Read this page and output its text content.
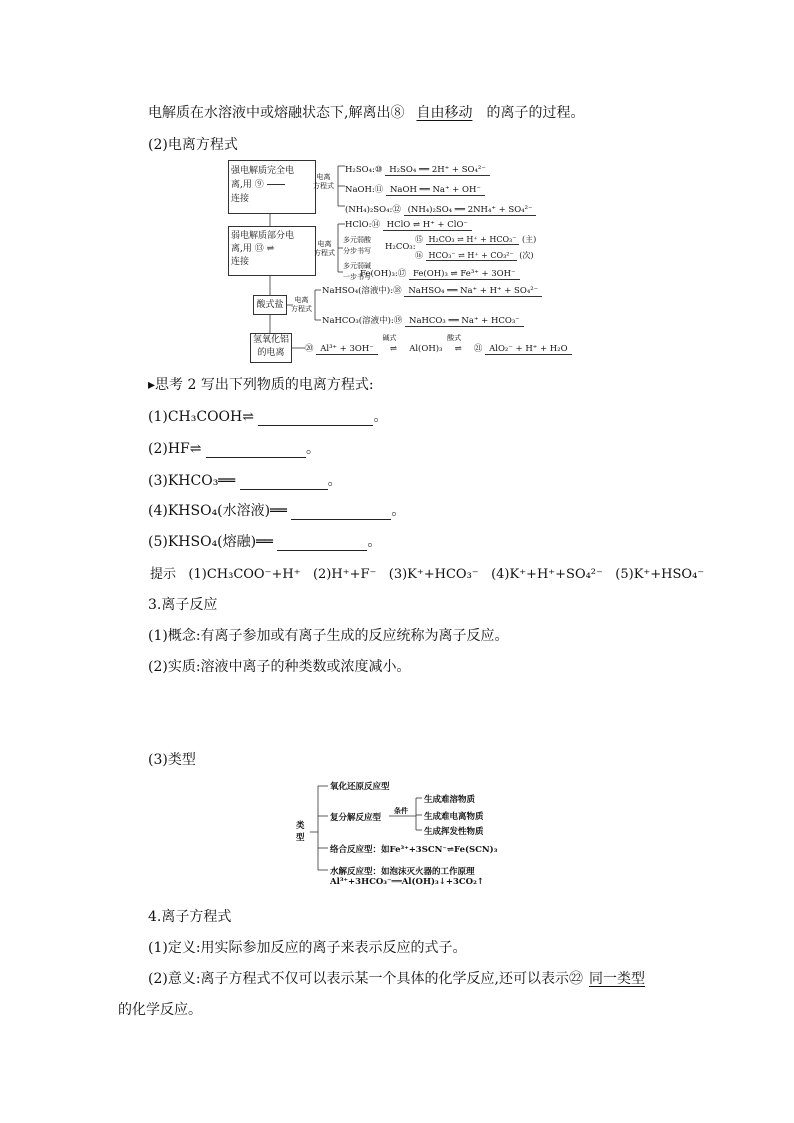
电解质在水溶液中或熔融状态下,解离出⑧ 自由移动 的离子的过程。
(2)电离方程式
强电解质完全电
离,用 ⑨
连接
电离
方程式
H₂SO₄:⑩ H₂SO₄ ══ 2H⁺ + SO₄²⁻
NaOH:⑪ NaOH ══ Na⁺ + OH⁻
(NH₄)₂SO₄:⑫ (NH₄)₂SO₄ ══ 2NH₄⁺ + SO₄²⁻
弱电解质部分电
离,用 ⑬ ⇌
连接
电离
方程式
HClO:⑭ HClO ⇌ H⁺ + ClO⁻
多元弱酸
分步书写 H₂CO₃:
⑮ H₂CO₃ ⇌ H⁺ + HCO₃⁻ (主)
⑯ HCO₃⁻ ⇌ H⁺ + CO₃²⁻ (次)
多元弱碱
一步书写
Fe(OH)₃:⑰ Fe(OH)₃ ⇌ Fe³⁺ + 3OH⁻
酸式盐	电离
方程式
NaHSO₄(溶液中):⑱ NaHSO₄ ══ Na⁺ + H⁺ + SO₄²⁻
NaHCO₃(溶液中):⑲ NaHCO₃ ══ Na⁺ + HCO₃⁻
氢氧化铝
的电离	⑳ Al³⁺ + 3OH⁻
碱式
⇌ Al(OH)₃
酸式
⇌ ㉑ AlO₂⁻ + H⁺ + H₂O
▸思考 2 写出下列物质的电离方程式:
(1)CH₃COOH⇌	。
(2)HF⇌	。
(3)KHCO₃══	。
(4)KHSO₄(水溶液)══	。
(5)KHSO₄(熔融)══	。
提示 (1)CH₃COO⁻+H⁺ (2)H⁺+F⁻ (3)K⁺+HCO₃⁻ (4)K⁺+H⁺+SO₄²⁻ (5)K⁺+HSO₄⁻
3.离子反应
(1)概念:有离子参加或有离子生成的反应统称为离子反应。
(2)实质:溶液中离子的种类数或浓度减小。
(3)类型
类
型
氧化还原反应型
复分解反应型
条件
生成难溶物质
生成难电离物质
生成挥发性物质
络合反应型：如Fe³⁺+3SCN⁻⇌Fe(SCN)₃
水解反应型：如泡沫灭火器的工作原理
Al³⁺+3HCO₃⁻══Al(OH)₃↓+3CO₂↑
4.离子方程式
(1)定义:用实际参加反应的离子来表示反应的式子。
(2)意义:离子方程式不仅可以表示某一个具体的化学反应,还可以表示㉒ 同一类型
的化学反应。
